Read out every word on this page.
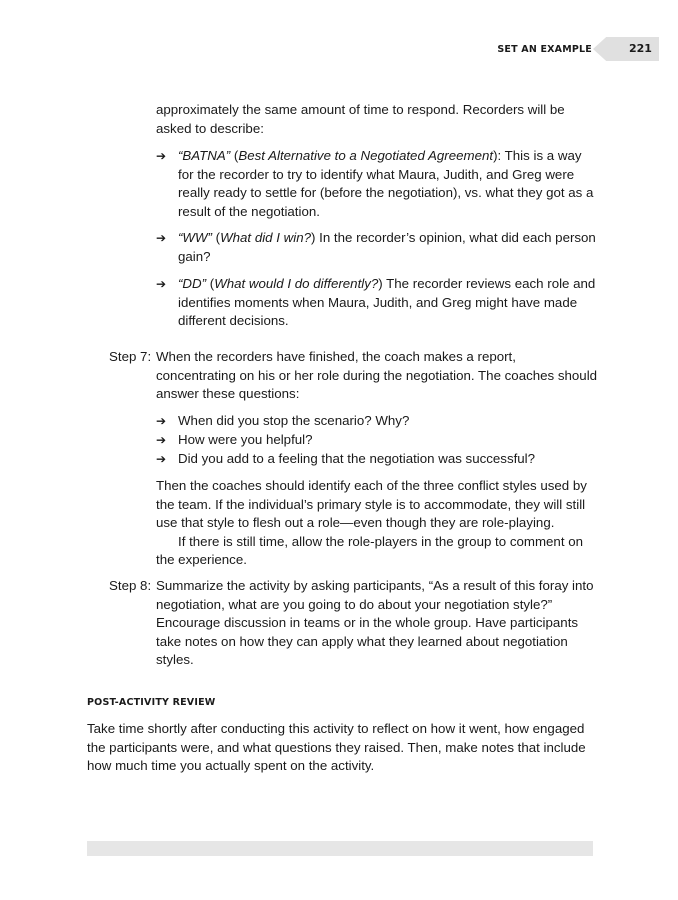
SET AN EXAMPLE	221
approximately the same amount of time to respond. Recorders will be
asked to describe:
➔ “BATNA” (Best Alternative to a Negotiated Agreement): This is a way for the recorder to try to identify what Maura, Judith, and Greg were really ready to settle for (before the negotiation), vs. what they got as a result of the negotiation.
➔ “WW” (What did I win?) In the recorder’s opinion, what did each person gain?
➔ “DD” (What would I do differently?) The recorder reviews each role and identifies moments when Maura, Judith, and Greg might have made different decisions.
Step 7: When the recorders have finished, the coach makes a report, concentrating on his or her role during the negotiation. The coaches should answer these questions:
➔ When did you stop the scenario? Why?
➔ How were you helpful?
➔ Did you add to a feeling that the negotiation was successful?
Then the coaches should identify each of the three conflict styles used by the team. If the individual’s primary style is to accommodate, they will still use that style to flesh out a role—even though they are role-playing.
If there is still time, allow the role-players in the group to comment on the experience.
Step 8: Summarize the activity by asking participants, “As a result of this foray into negotiation, what are you going to do about your negotiation style?” Encourage discussion in teams or in the whole group. Have participants take notes on how they can apply what they learned about negotiation styles.
POST-ACTIVITY REVIEW
Take time shortly after conducting this activity to reflect on how it went, how engaged the participants were, and what questions they raised. Then, make notes that include how much time you actually spent on the activity.
